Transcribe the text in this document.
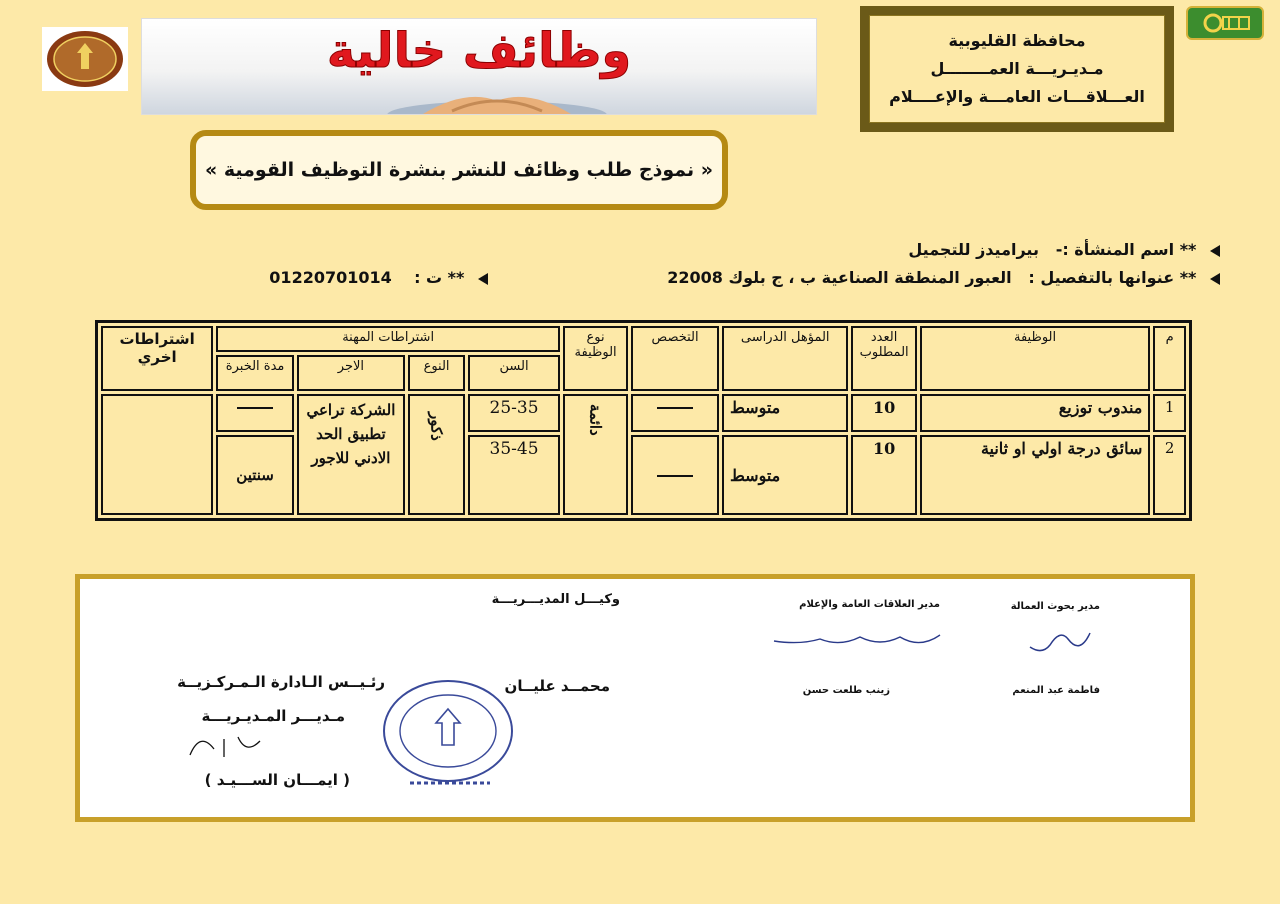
محافظة القليوبية
مـديـريـــة العمــــــــل
العـــلاقـــات العامـــة والإعــــلام
وظائف خالية
« نموذج طلب وظائف للنشر بنشرة التوظيف القومية »
** اسم المنشأة :-   بيراميدز للتجميل
** عنوانها بالتفصيل :   العبور المنطقة الصناعية ب ، ج بلوك 22008
** ت :    01220701014
م	الوظيفة	العدد المطلوب	المؤهل الدراسى	التخصص	نوع الوظيفة	اشتراطات المهنة				اشتراطات اخري
						السن	النوع	الاجر	مدة الخبرة	
1	مندوب توزيع	10	متوسط		دائمة	25-35	ذكور	الشركة تراعي تطبيق الحد الادني للاجور		
2	سائق درجة اولي او ثانية	10	متوسط			35-45			سنتين	
مدير بحوث العمالة
مدير العلاقات العامة والإعلام
وكيـــل المديـــريـــة
فاطمة عبد المنعم
زينب طلعت حسن
محمــد عليــان
رئـيــس الـادارة الـمـركـزيــة
مـديـــر المـديـريـــة
( ايمـــان الســـيـد )
